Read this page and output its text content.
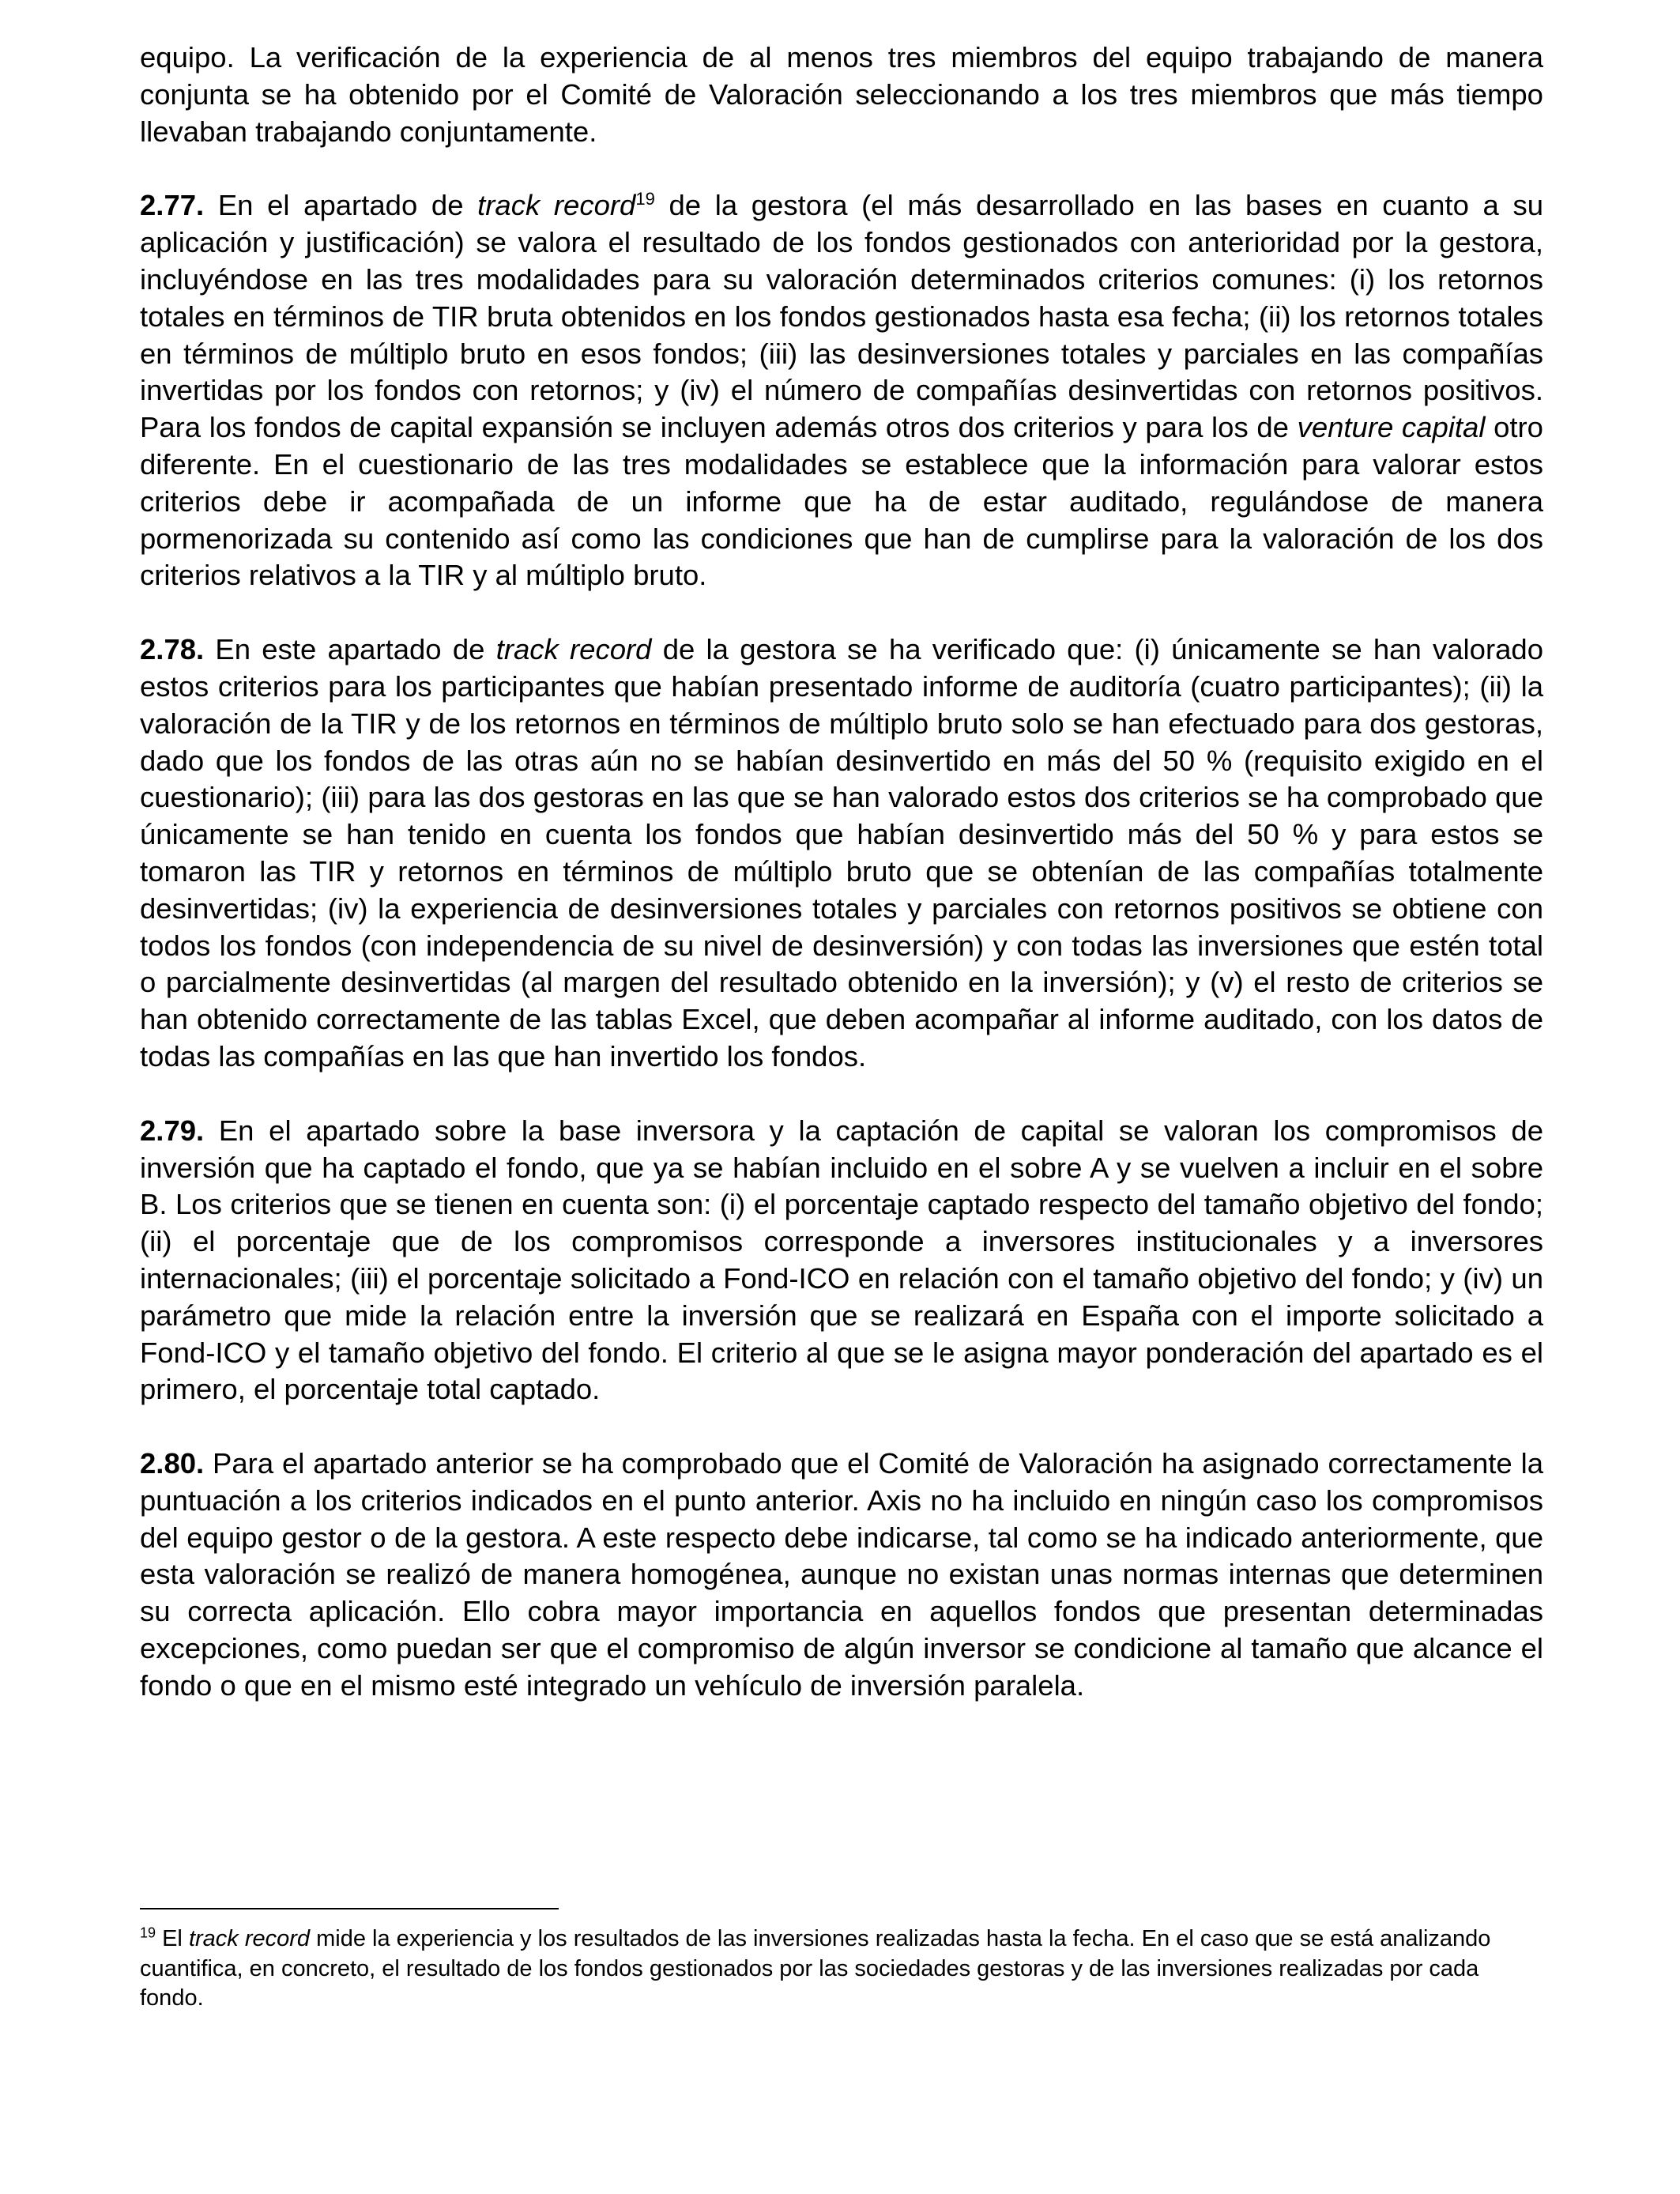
equipo. La verificación de la experiencia de al menos tres miembros del equipo trabajando de manera conjunta se ha obtenido por el Comité de Valoración seleccionando a los tres miembros que más tiempo llevaban trabajando conjuntamente.

2.77. En el apartado de track record$^{19}$ de la gestora (el más desarrollado en las bases en cuanto a su aplicación y justificación) se valora el resultado de los fondos gestionados con anterioridad por la gestora, incluyéndose en las tres modalidades para su valoración determinados criterios comunes: (i) los retornos totales en términos de TIR bruta obtenidos en los fondos gestionados hasta esa fecha; (ii) los retornos totales en términos de múltiplo bruto en esos fondos; (iii) las desinversiones totales y parciales en las compañías invertidas por los fondos con retornos; y (iv) el número de compañías desinvertidas con retornos positivos. Para los fondos de capital expansión se incluyen además otros dos criterios y para los de venture capital otro diferente. En el cuestionario de las tres modalidades se establece que la información para valorar estos criterios debe ir acompañada de un informe que ha de estar auditado, regulándose de manera pormenorizada su contenido así como las condiciones que han de cumplirse para la valoración de los dos criterios relativos a la TIR y al múltiplo bruto.

2.78. En este apartado de track record de la gestora se ha verificado que: (i) únicamente se han valorado estos criterios para los participantes que habían presentado informe de auditoría (cuatro participantes); (ii) la valoración de la TIR y de los retornos en términos de múltiplo bruto solo se han efectuado para dos gestoras, dado que los fondos de las otras aún no se habían desinvertido en más del 50 % (requisito exigido en el cuestionario); (iii) para las dos gestoras en las que se han valorado estos dos criterios se ha comprobado que únicamente se han tenido en cuenta los fondos que habían desinvertido más del 50 % y para estos se tomaron las TIR y retornos en términos de múltiplo bruto que se obtenían de las compañías totalmente desinvertidas; (iv) la experiencia de desinversiones totales y parciales con retornos positivos se obtiene con todos los fondos (con independencia de su nivel de desinversión) y con todas las inversiones que estén total o parcialmente desinvertidas (al margen del resultado obtenido en la inversión); y (v) el resto de criterios se han obtenido correctamente de las tablas Excel, que deben acompañar al informe auditado, con los datos de todas las compañías en las que han invertido los fondos.

2.79. En el apartado sobre la base inversora y la captación de capital se valoran los compromisos de inversión que ha captado el fondo, que ya se habían incluido en el sobre A y se vuelven a incluir en el sobre B. Los criterios que se tienen en cuenta son: (i) el porcentaje captado respecto del tamaño objetivo del fondo; (ii) el porcentaje que de los compromisos corresponde a inversores institucionales y a inversores internacionales; (iii) el porcentaje solicitado a Fond-ICO en relación con el tamaño objetivo del fondo; y (iv) un parámetro que mide la relación entre la inversión que se realizará en España con el importe solicitado a Fond-ICO y el tamaño objetivo del fondo. El criterio al que se le asigna mayor ponderación del apartado es el primero, el porcentaje total captado.

2.80. Para el apartado anterior se ha comprobado que el Comité de Valoración ha asignado correctamente la puntuación a los criterios indicados en el punto anterior. Axis no ha incluido en ningún caso los compromisos del equipo gestor o de la gestora. A este respecto debe indicarse, tal como se ha indicado anteriormente, que esta valoración se realizó de manera homogénea, aunque no existan unas normas internas que determinen su correcta aplicación. Ello cobra mayor importancia en aquellos fondos que presentan determinadas excepciones, como puedan ser que el compromiso de algún inversor se condicione al tamaño que alcance el fondo o que en el mismo esté integrado un vehículo de inversión paralela.

$^{19}$ El track record mide la experiencia y los resultados de las inversiones realizadas hasta la fecha. En el caso que se está analizando cuantifica, en concreto, el resultado de los fondos gestionados por las sociedades gestoras y de las inversiones realizadas por cada fondo.
